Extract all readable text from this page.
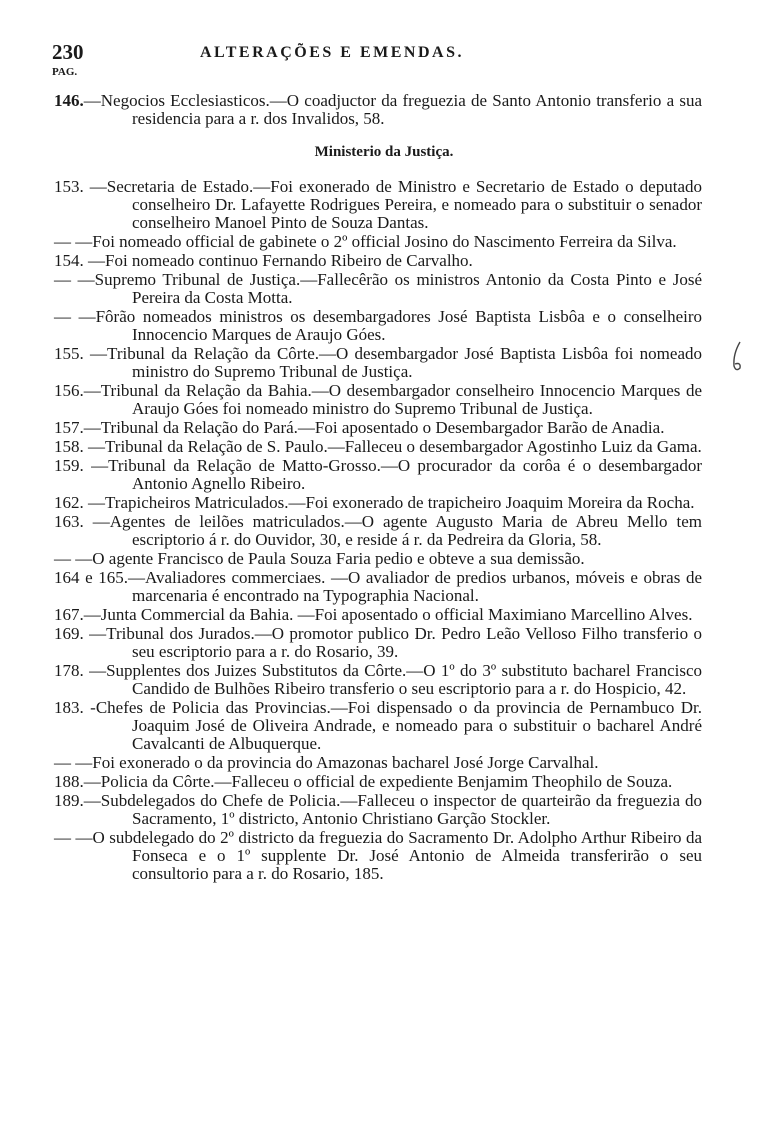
230	ALTERAÇÕES E EMENDAS.
PAG.
146.—Negocios Ecclesiasticos.—O coadjuctor da freguezia de Santo Antonio transferio a sua residencia para a r. dos Invalidos, 58.
Ministerio da Justiça.
153. —Secretaria de Estado.—Foi exonerado de Ministro e Secretario de Estado o deputado conselheiro Dr. Lafayette Rodrigues Pereira, e nomeado para o substituir o senador conselheiro Manoel Pinto de Souza Dantas.
— —Foi nomeado official de gabinete o 2º official Josino do Nascimento Ferreira da Silva.
154. —Foi nomeado continuo Fernando Ribeiro de Carvalho.
— —Supremo Tribunal de Justiça.—Fallecêrão os ministros Antonio da Costa Pinto e José Pereira da Costa Motta.
— —Fôrão nomeados ministros os desembargadores José Baptista Lisbôa e o conselheiro Innocencio Marques de Araujo Góes.
155. —Tribunal da Relação da Côrte.—O desembargador José Baptista Lisbôa foi nomeado ministro do Supremo Tribunal de Justiça.
156.—Tribunal da Relação da Bahia.—O desembargador conselheiro Innocencio Marques de Araujo Góes foi nomeado ministro do Supremo Tribunal de Justiça.
157.—Tribunal da Relação do Pará.—Foi aposentado o Desembargador Barão de Anadia.
158. —Tribunal da Relação de S. Paulo.—Falleceu o desembargador Agostinho Luiz da Gama.
159. —Tribunal da Relação de Matto-Grosso.—O procurador da corôa é o desembargador Antonio Agnello Ribeiro.
162. —Trapicheiros Matriculados.—Foi exonerado de trapicheiro Joaquim Moreira da Rocha.
163. —Agentes de leilões matriculados.—O agente Augusto Maria de Abreu Mello tem escriptorio á r. do Ouvidor, 30, e reside á r. da Pedreira da Gloria, 58.
— —O agente Francisco de Paula Souza Faria pedio e obteve a sua demissão.
164 e 165.—Avaliadores commerciaes. —O avaliador de predios urbanos, móveis e obras de marcenaria é encontrado na Typographia Nacional.
167.—Junta Commercial da Bahia. —Foi aposentado o official Maximiano Marcellino Alves.
169. —Tribunal dos Jurados.—O promotor publico Dr. Pedro Leão Velloso Filho transferio o seu escriptorio para a r. do Rosario, 39.
178. —Supplentes dos Juizes Substitutos da Côrte.—O 1º do 3º substituto bacharel Francisco Candido de Bulhões Ribeiro transferio o seu escriptorio para a r. do Hospicio, 42.
183. -Chefes de Policia das Provincias.—Foi dispensado o da provincia de Pernambuco Dr. Joaquim José de Oliveira Andrade, e nomeado para o substituir o bacharel André Cavalcanti de Albuquerque.
— —Foi exonerado o da provincia do Amazonas bacharel José Jorge Carvalhal.
188.—Policia da Côrte.—Falleceu o official de expediente Benjamim Theophilo de Souza.
189.—Subdelegados do Chefe de Policia.—Falleceu o inspector de quarteirão da freguezia do Sacramento, 1º districto, Antonio Christiano Garção Stockler.
— —O subdelegado do 2º districto da freguezia do Sacramento Dr. Adolpho Arthur Ribeiro da Fonseca e o 1º supplente Dr. José Antonio de Almeida transferirão o seu consultorio para a r. do Rosario, 185.
